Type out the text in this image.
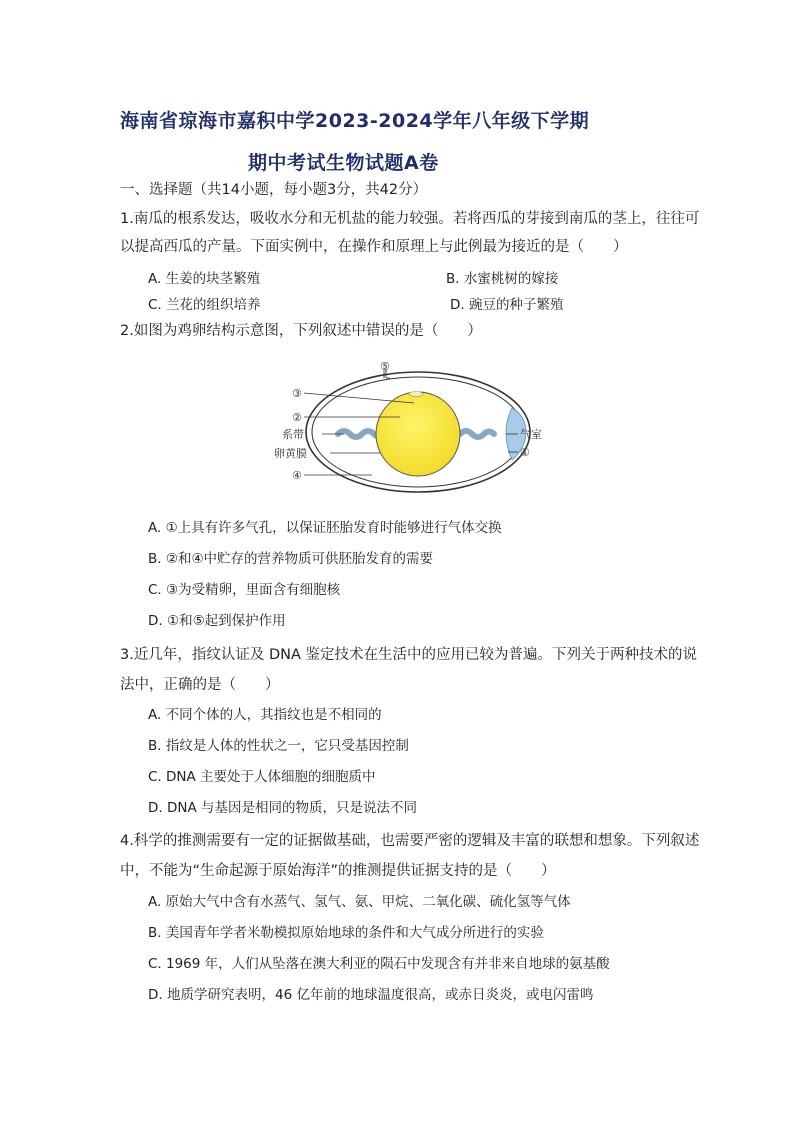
海南省琼海市嘉积中学2023-2024学年八年级下学期
期中考试生物试题A卷
一、选择题（共14小题，每小题3分，共42分）
1.南瓜的根系发达，吸收水分和无机盐的能力较强。若将西瓜的芽接到南瓜的茎上，往往可
以提高西瓜的产量。下面实例中，在操作和原理上与此例最为接近的是（　　）
A. 生姜的块茎繁殖	B. 水蜜桃树的嫁接
C. 兰花的组织培养	D. 豌豆的种子繁殖
2.如图为鸡卵结构示意图，下列叙述中错误的是（　　）
⑤
③
②
系带
卵黄膜
④
气室
①
A. ①上具有许多气孔，以保证胚胎发育时能够进行气体交换
B. ②和④中贮存的营养物质可供胚胎发育的需要
C. ③为受精卵，里面含有细胞核
D. ①和⑤起到保护作用
3.近几年，指纹认证及 DNA 鉴定技术在生活中的应用已较为普遍。下列关于两种技术的说
法中，正确的是（　　）
A. 不同个体的人，其指纹也是不相同的
B. 指纹是人体的性状之一，它只受基因控制
C. DNA 主要处于人体细胞的细胞质中
D. DNA 与基因是相同的物质，只是说法不同
4.科学的推测需要有一定的证据做基础，也需要严密的逻辑及丰富的联想和想象。下列叙述
中，不能为“生命起源于原始海洋”的推测提供证据支持的是（　　）
A. 原始大气中含有水蒸气、氢气、氨、甲烷、二氧化碳、硫化氢等气体
B. 美国青年学者米勒模拟原始地球的条件和大气成分所进行的实验
C. 1969 年，人们从坠落在澳大利亚的陨石中发现含有并非来自地球的氨基酸
D. 地质学研究表明，46 亿年前的地球温度很高，或赤日炎炎，或电闪雷鸣
